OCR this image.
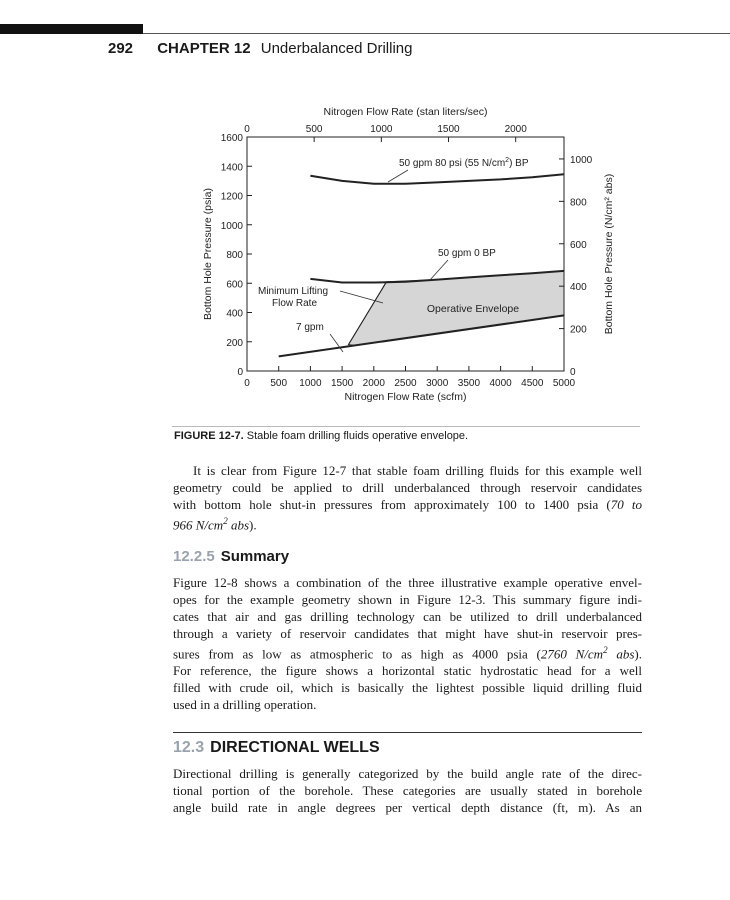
292 CHAPTER 12 Underbalanced Drilling
0 500 1000 1500 2000 2500 3000 3500 4000 4500 5000
0	500	1000	1500	2000
0
200
400
600
800
1000
1200
1400
1600
0
200
400
600
800
1000
Nitrogen Flow Rate (scfm)
Nitrogen Flow Rate (stan liters/sec)
Bottom Hole Pressure (psia)	Bottom Hole Pressure (N/cm² abs)
50 gpm 80 psi (55 $N/cm^2$) BP
50 gpm 0 BP
Minimum Lifting
Flow Rate
7 gpm
Operative Envelope
FIGURE 12-7. Stable foam drilling fluids operative envelope.
It is clear from Figure 12-7 that stable foam drilling fluids for this example well
geometry could be applied to drill underbalanced through reservoir candidates
with bottom hole shut-in pressures from approximately 100 to 1400 psia (70 to
966 $N/cm^2$ abs).
12.2.5 Summary
Figure 12-8 shows a combination of the three illustrative example operative envel-
opes for the example geometry shown in Figure 12-3. This summary figure indi-
cates that air and gas drilling technology can be utilized to drill underbalanced
through a variety of reservoir candidates that might have shut-in reservoir pres-
sures from as low as atmospheric to as high as 4000 psia (2760 $N/cm^2$ abs).
For reference, the figure shows a horizontal static hydrostatic head for a well
filled with crude oil, which is basically the lightest possible liquid drilling fluid
used in a drilling operation.
12.3 DIRECTIONAL WELLS
Directional drilling is generally categorized by the build angle rate of the direc-
tional portion of the borehole. These categories are usually stated in borehole
angle build rate in angle degrees per vertical depth distance (ft, m). As an
